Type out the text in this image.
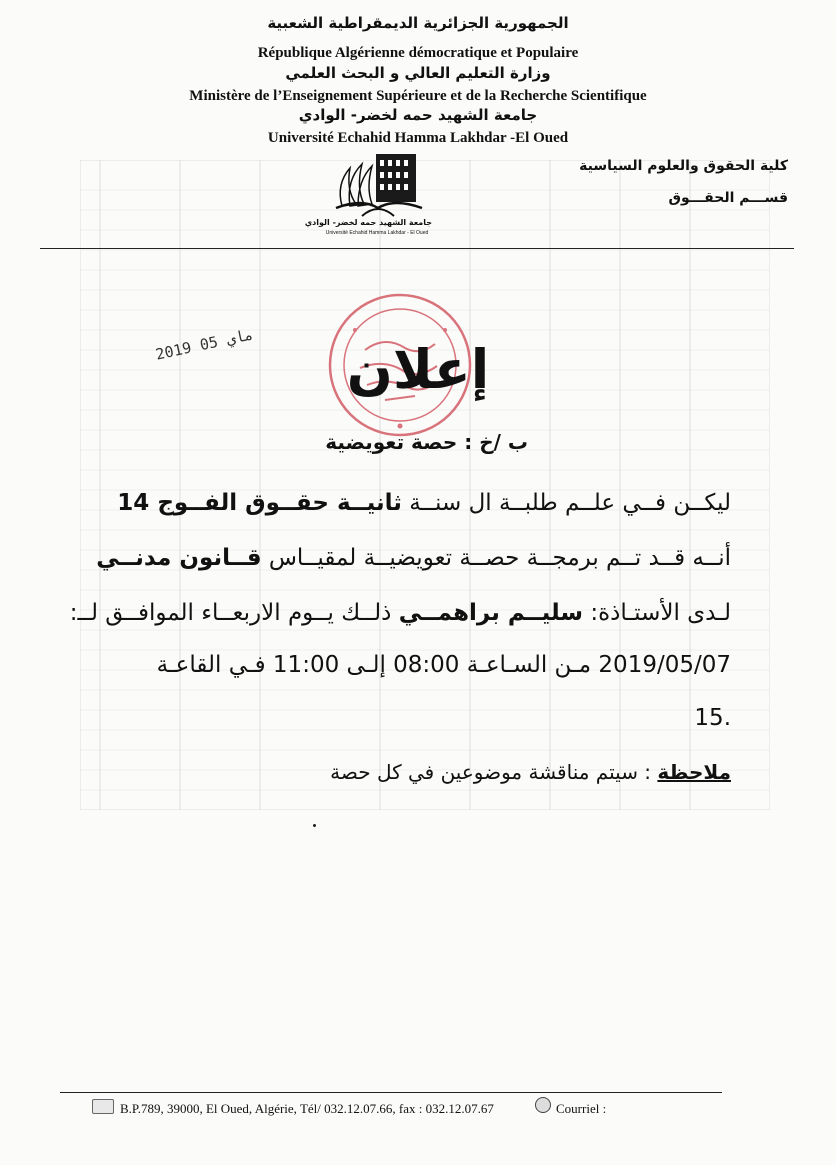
الجمهورية الجزائرية الديمقراطية الشعبية
République Algérienne démocratique et Populaire
وزارة التعليم العالي و البحث العلمي
Ministère de l’Enseignement Supérieure et de la Recherche Scientifique
جامعة الشهيد حمه لخضر- الوادي
Université Echahid Hamma Lakhdar -El Oued
كلية الحقوق والعلوم السياسية
قســـم الحقـــوق
جامعة الشهيد حمه لخضر- الوادي
Université Echahid Hamma Lakhdar - El Oued
2019 ماي 05
إعلان
ب /خ : حصة تعويضية
ليكــن فــي علــم طلبــة ال سنــة ثانيــة حقــوق الفــوج 14
أنــه قــد تــم برمجــة حصــة تعويضيــة لمقيــاس قــانون مدنــي
لـدى الأستـاذة: سليــم براهمــي ذلــك يــوم الاربعــاء الموافــق لــ:
2019/05/07 مـن السـاعـة 08:00 إلـى 11:00 فـي القاعـة
.15
ملاحظة : سيتم مناقشة موضوعين في كل حصة
B.P.789, 39000, El Oued, Algérie, Tél/ 032.12.07.66, fax : 032.12.07.67	Courriel :
